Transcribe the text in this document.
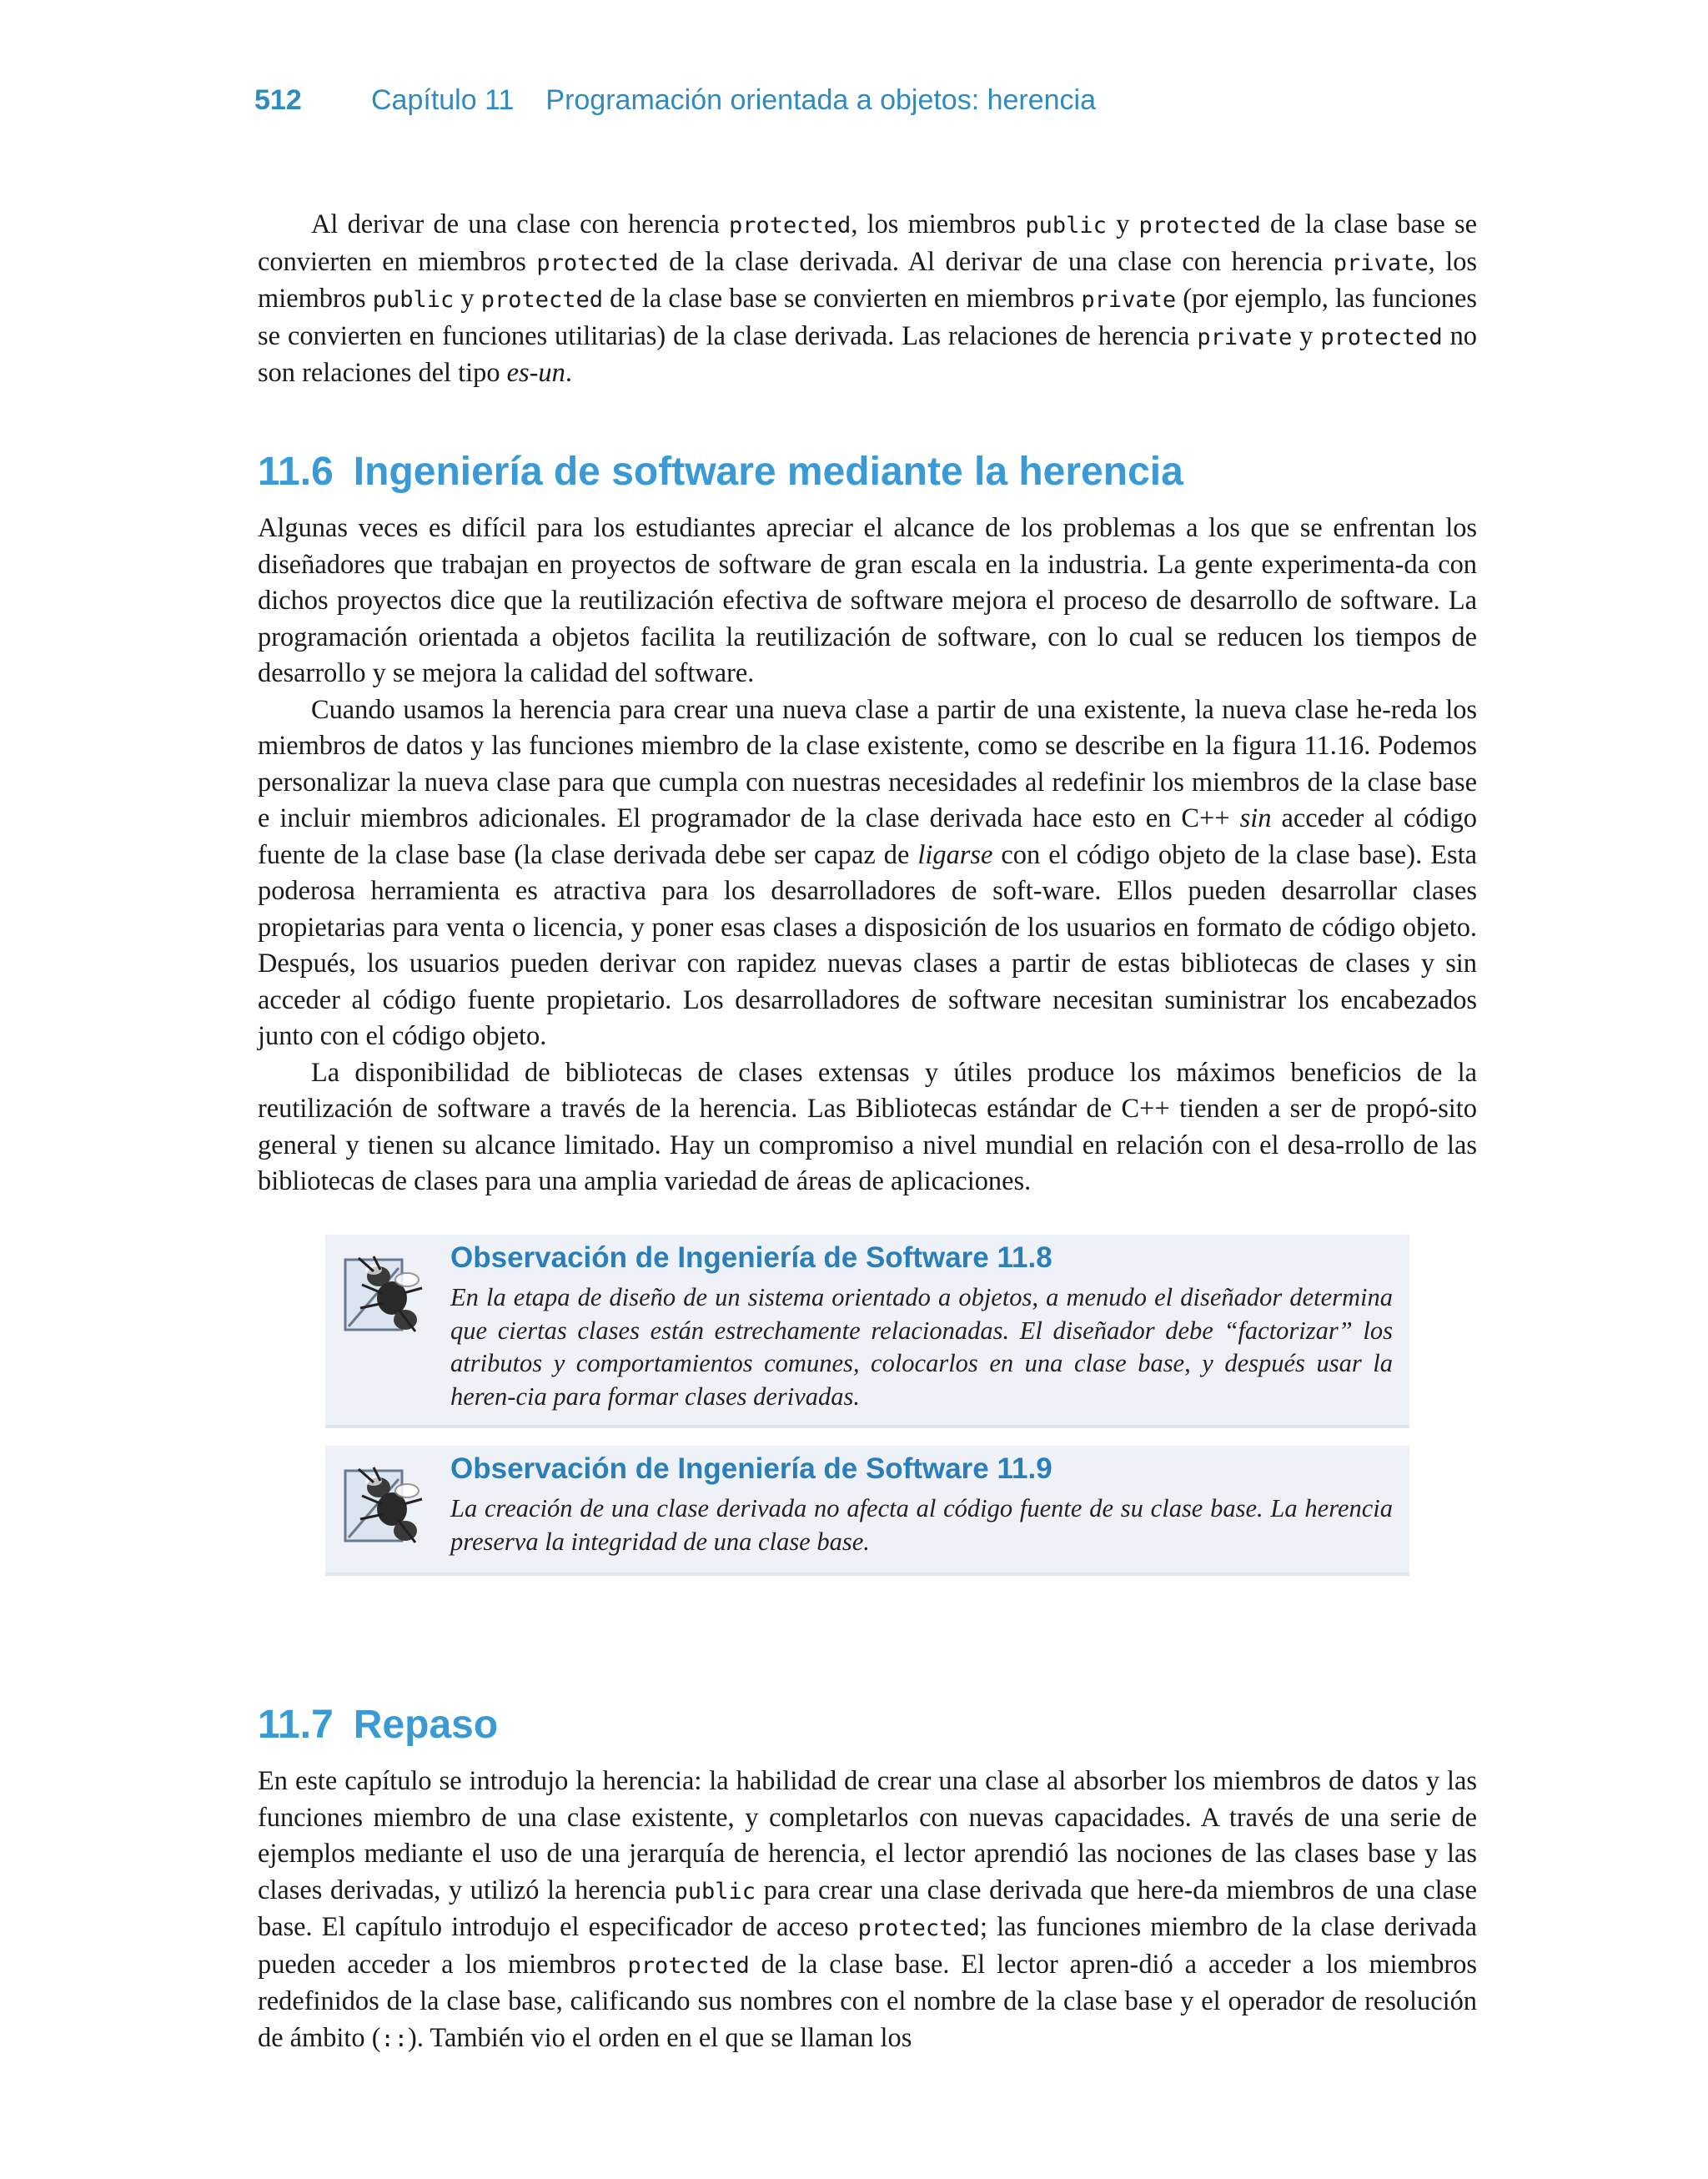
512	Capítulo 11 Programación orientada a objetos: herencia

Al derivar de una clase con herencia protected, los miembros public y protected de la clase base se convierten en miembros protected de la clase derivada. Al derivar de una clase con herencia private, los miembros public y protected de la clase base se convierten en miembros private (por ejemplo, las funciones se convierten en funciones utilitarias) de la clase derivada. Las relaciones de herencia private y protected no son relaciones del tipo es-un.

11.6 Ingeniería de software mediante la herencia

Algunas veces es difícil para los estudiantes apreciar el alcance de los problemas a los que se enfrentan los diseñadores que trabajan en proyectos de software de gran escala en la industria. La gente experimenta-da con dichos proyectos dice que la reutilización efectiva de software mejora el proceso de desarrollo de software. La programación orientada a objetos facilita la reutilización de software, con lo cual se reducen los tiempos de desarrollo y se mejora la calidad del software.

Cuando usamos la herencia para crear una nueva clase a partir de una existente, la nueva clase he-reda los miembros de datos y las funciones miembro de la clase existente, como se describe en la figura 11.16. Podemos personalizar la nueva clase para que cumpla con nuestras necesidades al redefinir los miembros de la clase base e incluir miembros adicionales. El programador de la clase derivada hace esto en C++ sin acceder al código fuente de la clase base (la clase derivada debe ser capaz de ligarse con el código objeto de la clase base). Esta poderosa herramienta es atractiva para los desarrolladores de soft-ware. Ellos pueden desarrollar clases propietarias para venta o licencia, y poner esas clases a disposición de los usuarios en formato de código objeto. Después, los usuarios pueden derivar con rapidez nuevas clases a partir de estas bibliotecas de clases y sin acceder al código fuente propietario. Los desarrolladores de software necesitan suministrar los encabezados junto con el código objeto.

La disponibilidad de bibliotecas de clases extensas y útiles produce los máximos beneficios de la reutilización de software a través de la herencia. Las Bibliotecas estándar de C++ tienden a ser de propó-sito general y tienen su alcance limitado. Hay un compromiso a nivel mundial en relación con el desa-rrollo de las bibliotecas de clases para una amplia variedad de áreas de aplicaciones.

Observación de Ingeniería de Software 11.8
En la etapa de diseño de un sistema orientado a objetos, a menudo el diseñador determina que ciertas clases están estrechamente relacionadas. El diseñador debe “factorizar” los atributos y comportamientos comunes, colocarlos en una clase base, y después usar la heren-cia para formar clases derivadas.
Observación de Ingeniería de Software 11.9
La creación de una clase derivada no afecta al código fuente de su clase base. La herencia preserva la integridad de una clase base.
11.7 Repaso

En este capítulo se introdujo la herencia: la habilidad de crear una clase al absorber los miembros de datos y las funciones miembro de una clase existente, y completarlos con nuevas capacidades. A través de una serie de ejemplos mediante el uso de una jerarquía de herencia, el lector aprendió las nociones de las clases base y las clases derivadas, y utilizó la herencia public para crear una clase derivada que here-da miembros de una clase base. El capítulo introdujo el especificador de acceso protected; las funciones miembro de la clase derivada pueden acceder a los miembros protected de la clase base. El lector apren-dió a acceder a los miembros redefinidos de la clase base, calificando sus nombres con el nombre de la clase base y el operador de resolución de ámbito (::). También vio el orden en el que se llaman los
